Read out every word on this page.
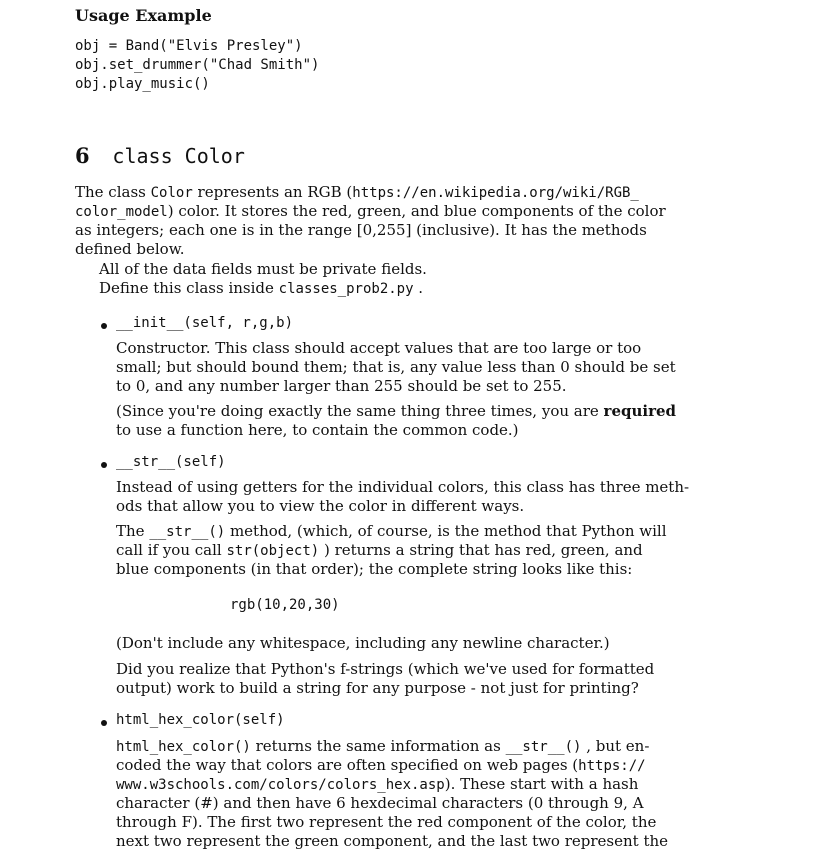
Usage Example
obj = Band("Elvis Presley")
obj.set_drummer("Chad Smith")
obj.play_music()
6 class Color
The class Color represents an RGB (https://en.wikipedia.org/wiki/RGB_
color_model) color. It stores the red, green, and blue components of the color
as integers; each one is in the range [0,255] (inclusive). It has the methods
defined below.
All of the data fields must be private fields.
Define this class inside classes_prob2.py .
__init__(self, r,g,b)
Constructor. This class should accept values that are too large or too
small; but should bound them; that is, any value less than 0 should be set
to 0, and any number larger than 255 should be set to 255.
(Since you're doing exactly the same thing three times, you are required
to use a function here, to contain the common code.)
__str__(self)
Instead of using getters for the individual colors, this class has three meth-
ods that allow you to view the color in different ways.
The __str__() method, (which, of course, is the method that Python will
call if you call str(object) ) returns a string that has red, green, and
blue components (in that order); the complete string looks like this:
rgb(10,20,30)
(Don't include any whitespace, including any newline character.)
Did you realize that Python's f-strings (which we've used for formatted
output) work to build a string for any purpose - not just for printing?
html_hex_color(self)
html_hex_color() returns the same information as __str__() , but en-
coded the way that colors are often specified on web pages (https://
www.w3schools.com/colors/colors_hex.asp). These start with a hash
character (#) and then have 6 hexdecimal characters (0 through 9, A
through F). The first two represent the red component of the color, the
next two represent the green component, and the last two represent the
